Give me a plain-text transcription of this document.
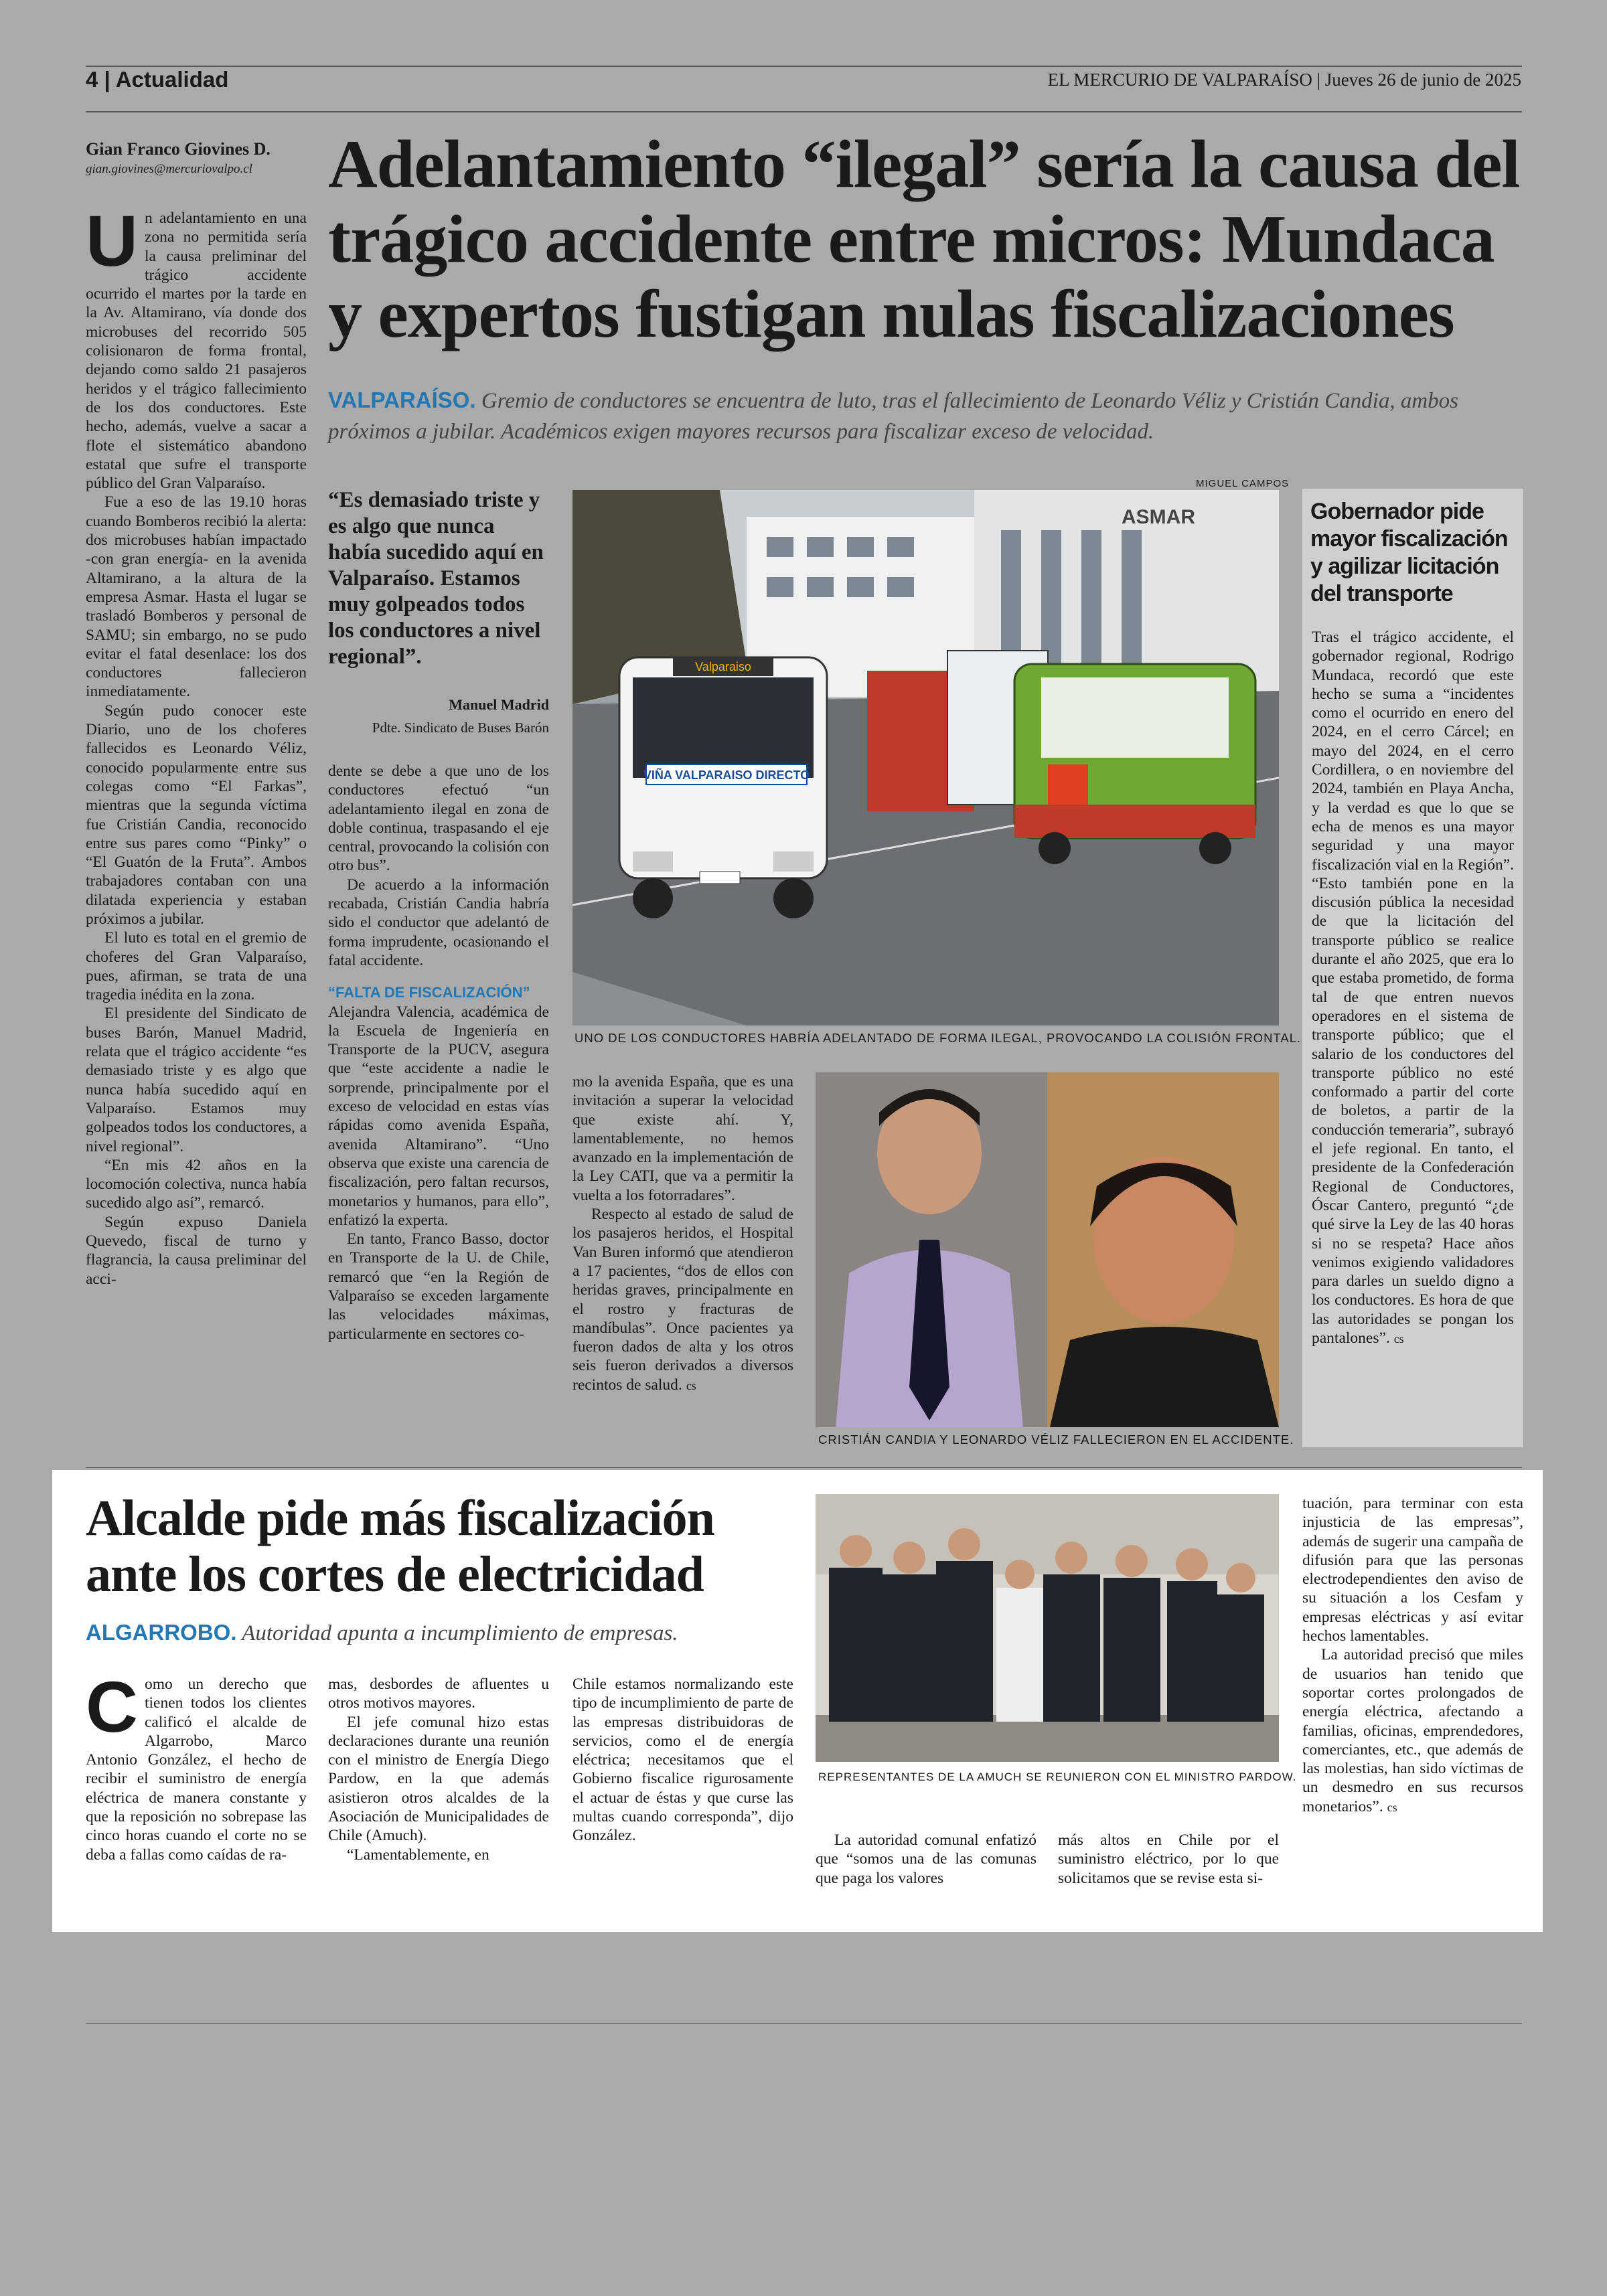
4 | Actualidad	EL MERCURIO DE VALPARAÍSO | Jueves 26 de junio de 2025
Gian Franco Giovines D.
gian.giovines@mercuriovalpo.cl	Adelantamiento “ilegal” sería la causa del trágico accidente entre micros: Mundaca y expertos fustigan nulas fiscalizaciones
VALPARAÍSO. Gremio de conductores se encuentra de luto, tras el fallecimiento de Leonardo Véliz y Cristián Candia, ambos próximos a jubilar. Académicos exigen mayores recursos para fiscalizar exceso de velocidad.

Un adelantamiento en una zona no permitida sería la causa preliminar del trágico accidente ocurrido el martes por la tarde en la Av. Altamirano, vía donde dos microbuses del recorrido 505 colisionaron de forma frontal, dejando como saldo 21 pasajeros heridos y el trágico fallecimiento de los dos conductores. Este hecho, además, vuelve a sacar a flote el sistemático abandono estatal que sufre el transporte público del Gran Valparaíso.

Fue a eso de las 19.10 horas cuando Bomberos recibió la alerta: dos microbuses habían impactado -con gran energía- en la avenida Altamirano, a la altura de la empresa Asmar. Hasta el lugar se trasladó Bomberos y personal de SAMU; sin embargo, no se pudo evitar el fatal desenlace: los dos conductores fallecieron inmediatamente.

Según pudo conocer este Diario, uno de los choferes fallecidos es Leonardo Véliz, conocido popularmente entre sus colegas como “El Farkas”, mientras que la segunda víctima fue Cristián Candia, reconocido entre sus pares como “Pinky” o “El Guatón de la Fruta”. Ambos trabajadores contaban con una dilatada experiencia y estaban próximos a jubilar.

El luto es total en el gremio de choferes del Gran Valparaíso, pues, afirman, se trata de una tragedia inédita en la zona.

El presidente del Sindicato de buses Barón, Manuel Madrid, relata que el trágico accidente “es demasiado triste y es algo que nunca había sucedido aquí en Valparaíso. Estamos muy golpeados todos los conductores, a nivel regional”.

“En mis 42 años en la locomoción colectiva, nunca había sucedido algo así”, remarcó.

Según expuso Daniela Quevedo, fiscal de turno y flagrancia, la causa preliminar del acci-

“Es demasiado triste y es algo que nunca había sucedido aquí en Valparaíso. Estamos muy golpeados todos los conductores a nivel regional”.
Manuel Madrid
Pdte. Sindicato de Buses Barón

dente se debe a que uno de los conductores efectuó “un adelantamiento ilegal en zona de doble continua, traspasando el eje central, provocando la colisión con otro bus”.

De acuerdo a la información recabada, Cristián Candia habría sido el conductor que adelantó de forma imprudente, ocasionando el fatal accidente.

“FALTA DE FISCALIZACIÓN”

Alejandra Valencia, académica de la Escuela de Ingeniería en Transporte de la PUCV, asegura que “este accidente a nadie le sorprende, principalmente por el exceso de velocidad en estas vías rápidas como avenida España, avenida Altamirano”. “Uno observa que existe una carencia de fiscalización, pero faltan recursos, monetarios y humanos, para ello”, enfatizó la experta.

En tanto, Franco Basso, doctor en Transporte de la U. de Chile, remarcó que “en la Región de Valparaíso se exceden largamente las velocidades máximas, particularmente en sectores co-

MIGUEL CAMPOS
ASMAR
Valparaiso
VIÑA VALPARAISO DIRECTO
UNO DE LOS CONDUCTORES HABRÍA ADELANTADO DE FORMA ILEGAL, PROVOCANDO LA COLISIÓN FRONTAL.

mo la avenida España, que es una invitación a superar la velocidad que existe ahí. Y, lamentablemente, no hemos avanzado en la implementación de la Ley CATI, que va a permitir la vuelta a los fotorradares”.

Respecto al estado de salud de los pasajeros heridos, el Hospital Van Buren informó que atendieron a 17 pacientes, “dos de ellos con heridas graves, principalmente en el rostro y fracturas de mandíbulas”. Once pacientes ya fueron dados de alta y los otros seis fueron derivados a diversos recintos de salud. cs

CRISTIÁN CANDIA Y LEONARDO VÉLIZ FALLECIERON EN EL ACCIDENTE.
Gobernador pide mayor fiscalización y agilizar licitación del transporte

Tras el trágico accidente, el gobernador regional, Rodrigo Mundaca, recordó que este hecho se suma a “incidentes como el ocurrido en enero del 2024, en el cerro Cárcel; en mayo del 2024, en el cerro Cordillera, o en noviembre del 2024, también en Playa Ancha, y la verdad es que lo que se echa de menos es una mayor seguridad y una mayor fiscalización vial en la Región”. “Esto también pone en la discusión pública la necesidad de que la licitación del transporte público se realice durante el año 2025, que era lo que estaba prometido, de forma tal de que entren nuevos operadores en el sistema de transporte público; que el salario de los conductores del transporte público no esté conformado a partir del corte de boletos, a partir de la conducción temeraria”, subrayó el jefe regional. En tanto, el presidente de la Confederación Regional de Conductores, Óscar Cantero, preguntó “¿de qué sirve la Ley de las 40 horas si no se respeta? Hace años venimos exigiendo validadores para darles un sueldo digno a los conductores. Es hora de que las autoridades se pongan los pantalones”. cs

Alcalde pide más fiscalización ante los cortes de electricidad
ALGARROBO. Autoridad apunta a incumplimiento de empresas.

Como un derecho que tienen todos los clientes calificó el alcalde de Algarrobo, Marco Antonio González, el hecho de recibir el suministro de energía eléctrica de manera constante y que la reposición no sobrepase las cinco horas cuando el corte no se deba a fallas como caídas de ra-

mas, desbordes de afluentes u otros motivos mayores.

El jefe comunal hizo estas declaraciones durante una reunión con el ministro de Energía Diego Pardow, en la que además asistieron otros alcaldes de la Asociación de Municipalidades de Chile (Amuch).

“Lamentablemente, en

Chile estamos normalizando este tipo de incumplimiento de parte de las empresas distribuidoras de servicios, como el de energía eléctrica; necesitamos que el Gobierno fiscalice rigurosamente el actuar de éstas y que curse las multas cuando corresponda”, dijo González.

REPRESENTANTES DE LA AMUCH SE REUNIERON CON EL MINISTRO PARDOW.

La autoridad comunal enfatizó que “somos una de las comunas que paga los valores

más altos en Chile por el suministro eléctrico, por lo que solicitamos que se revise esta si-

tuación, para terminar con esta injusticia de las empresas”, además de sugerir una campaña de difusión para que las personas electrodependientes den aviso de su situación a los Cesfam y empresas eléctricas y así evitar hechos lamentables.

La autoridad precisó que miles de usuarios han tenido que soportar cortes prolongados de energía eléctrica, afectando a familias, oficinas, emprendedores, comerciantes, etc., que además de las molestias, han sido víctimas de un desmedro en sus recursos monetarios”. cs
